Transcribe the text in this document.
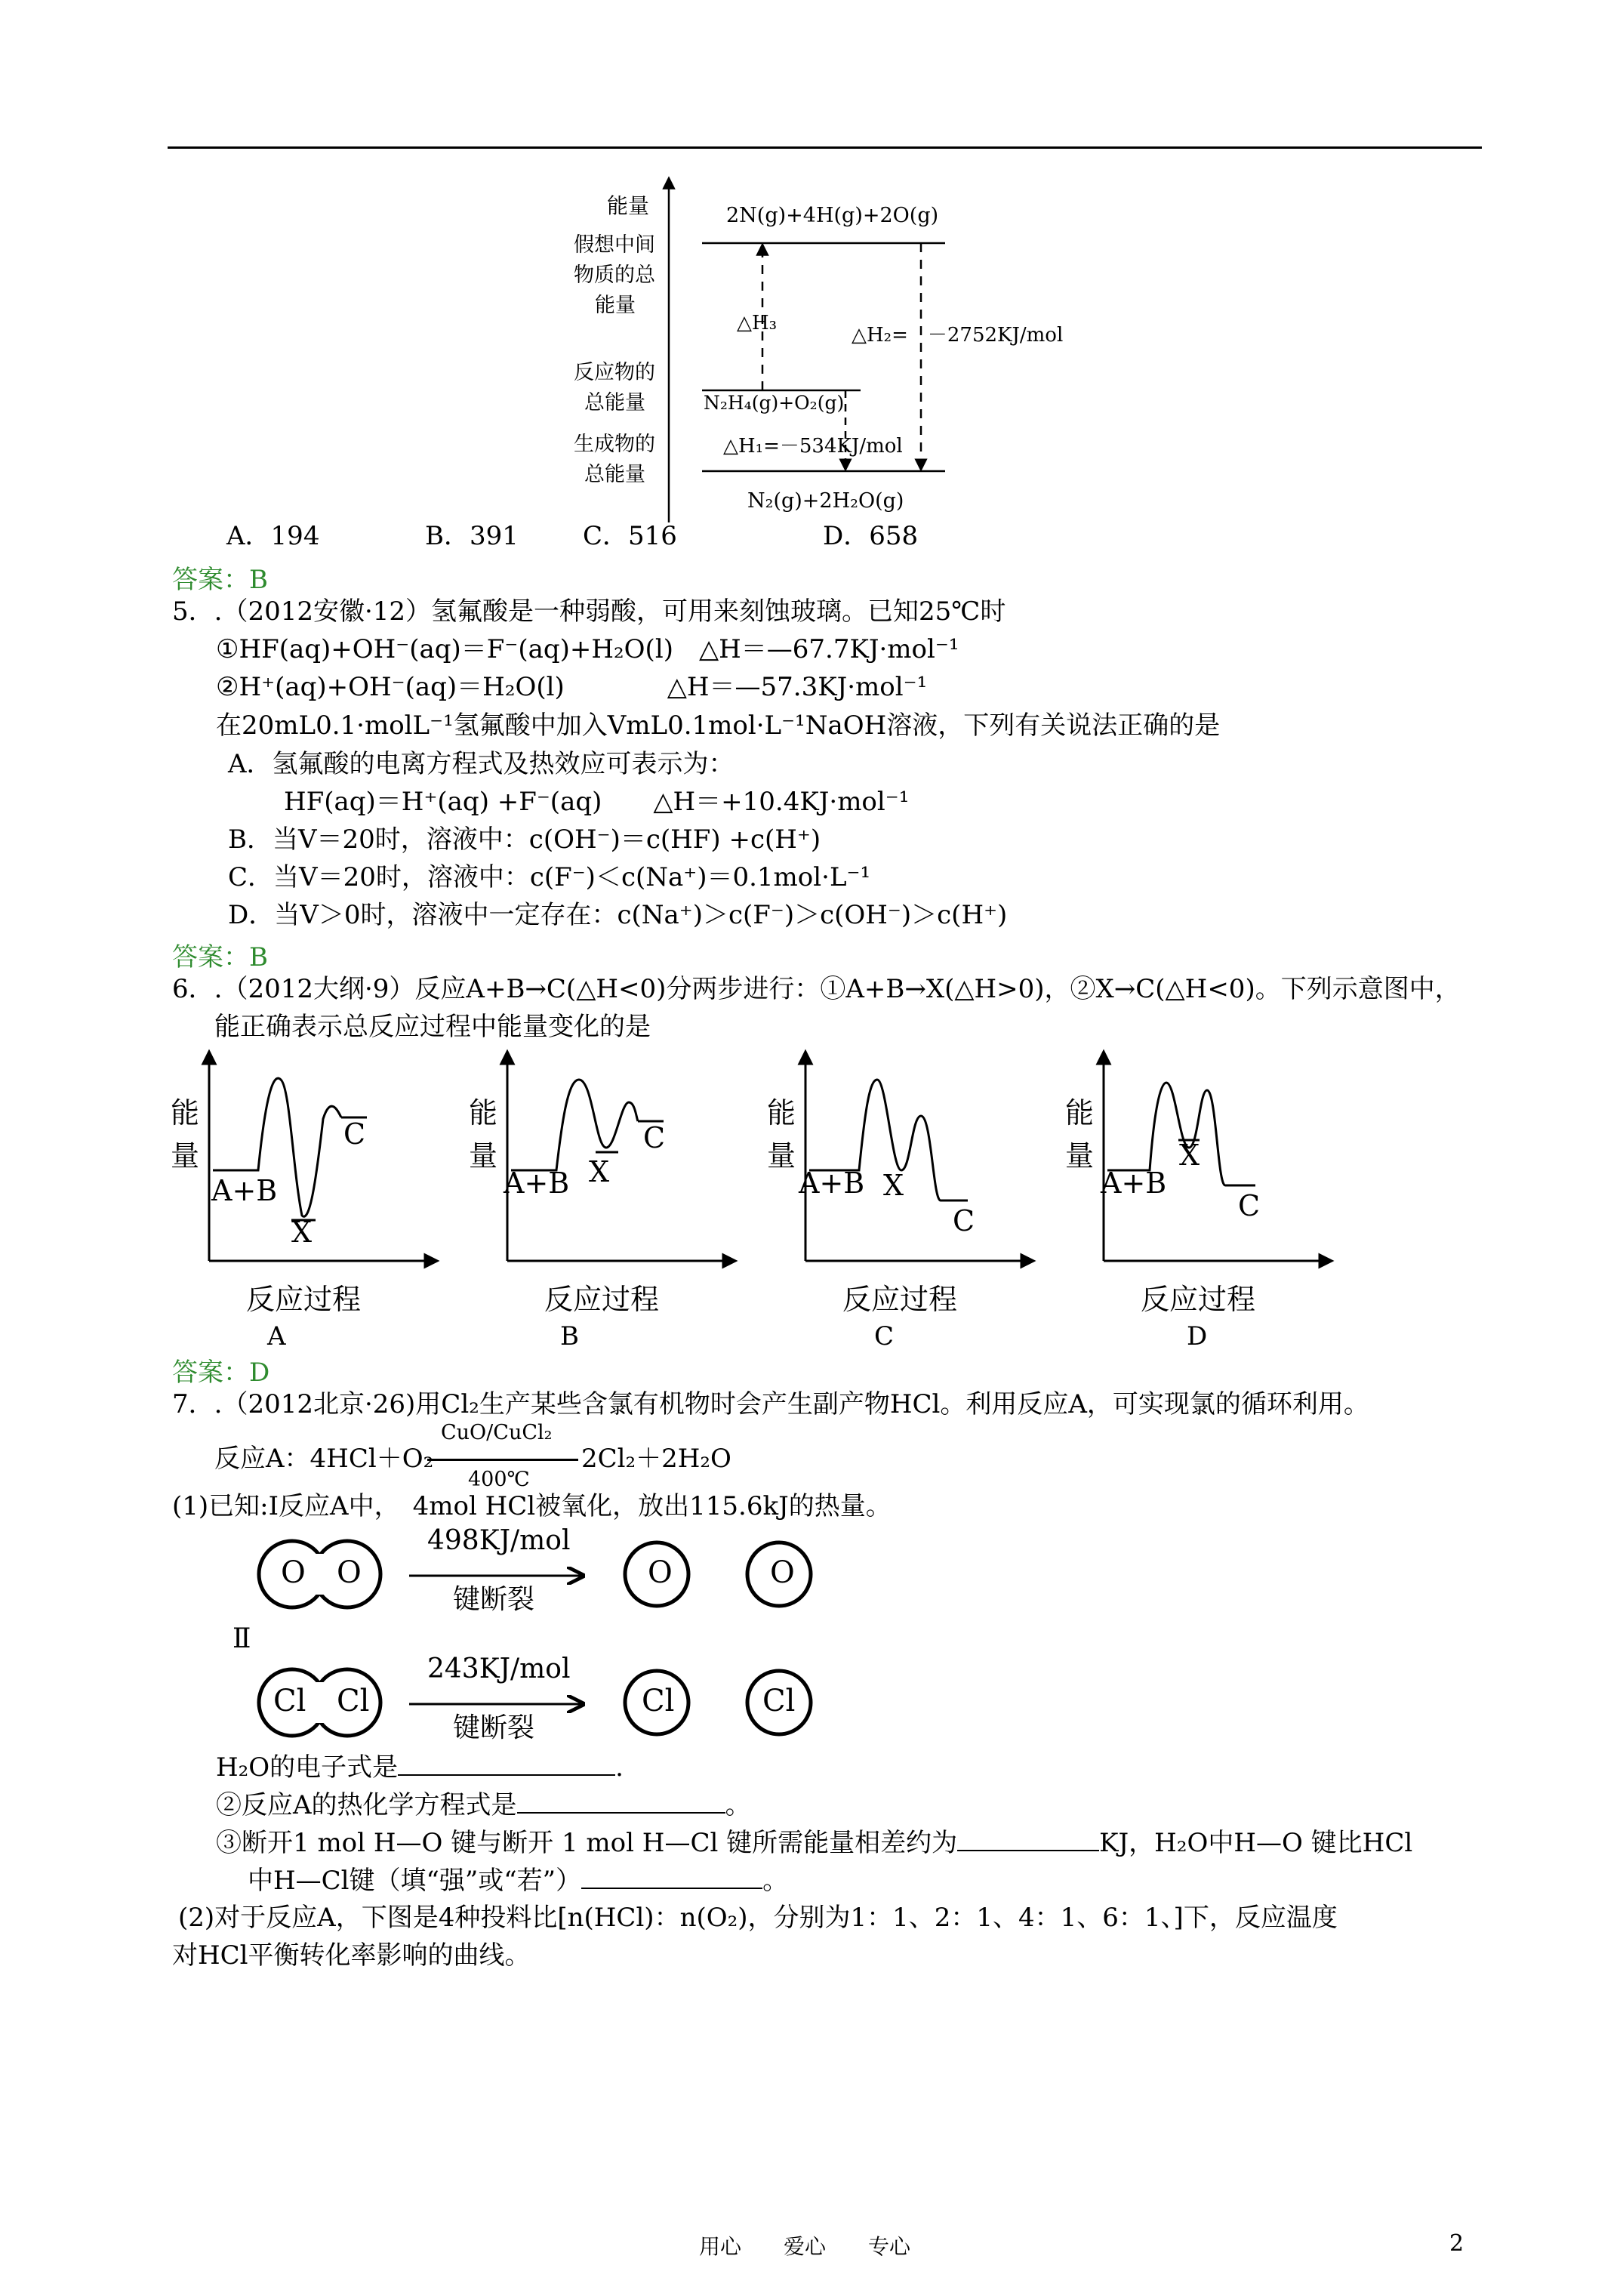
能量
假想中间
物质的总
能量
反应物的
总能量
生成物的
总能量
2N(g)+4H(g)+2O(g)
N₂H₄(g)+O₂(g)
N₂(g)+2H₂O(g)
△H₃
△H₂=　－2752KJ/mol
△H₁=－534KJ/mol
A．194	B．391	C．516	D．658
答案：B
5．.（2012安徽·12）氢氟酸是一种弱酸，可用来刻蚀玻璃。已知25℃时
①HF(aq)+OH⁻(aq)＝F⁻(aq)+H₂O(l)　△H＝—67.7KJ·mol⁻¹
②H⁺(aq)+OH⁻(aq)＝H₂O(l)　　　　△H＝—57.3KJ·mol⁻¹
在20mL0.1·molL⁻¹氢氟酸中加入VmL0.1mol·L⁻¹NaOH溶液，下列有关说法正确的是
A．氢氟酸的电离方程式及热效应可表示为：
HF(aq)＝H⁺(aq) +F⁻(aq)　　△H＝+10.4KJ·mol⁻¹
B．当V＝20时，溶液中：c(OH⁻)＝c(HF) +c(H⁺)
C．当V＝20时，溶液中：c(F⁻)＜c(Na⁺)＝0.1mol·L⁻¹
D．当V＞0时，溶液中一定存在：c(Na⁺)＞c(F⁻)＞c(OH⁻)＞c(H⁺)
答案：B
6．.（2012大纲·9）反应A+B→C(△H<0)分两步进行：①A+B→X(△H>0)，②X→C(△H<0)。下列示意图中，
能正确表示总反应过程中能量变化的是
能
量
A+B
X
C
反应过程
A
能
量
A+B X
C
反应过程
B
能
量
A+B X
C
反应过程
C
能
量
A+B
X
C
反应过程
D
答案：D
7．.（2012北京·26)用Cl₂生产某些含氯有机物时会产生副产物HCl。利用反应A，可实现氯的循环利用。
反应A：4HCl＋O₂
CuO/CuCl₂
400℃
2Cl₂＋2H₂O
(1)已知:Ⅰ反应A中，　4mol HCl被氧化，放出115.6kJ的热量。
O O
498KJ/mol
键断裂
O	O
Ⅱ
Cl Cl
243KJ/mol
键断裂
Cl	Cl
H₂O的电子式是	.
②反应A的热化学方程式是	。
③断开1 mol H—O 键与断开 1 mol H—Cl 键所需能量相差约为	KJ，H₂O中H—O 键比HCl
中H—Cl键（填“强”或“若”）	。
(2)对于反应A，下图是4种投料比[n(HCl)：n(O₂)，分别为1：1、2：1、4：1、6：1、]下，反应温度
对HCl平衡转化率影响的曲线。
用心　　爱心　　专心	2
